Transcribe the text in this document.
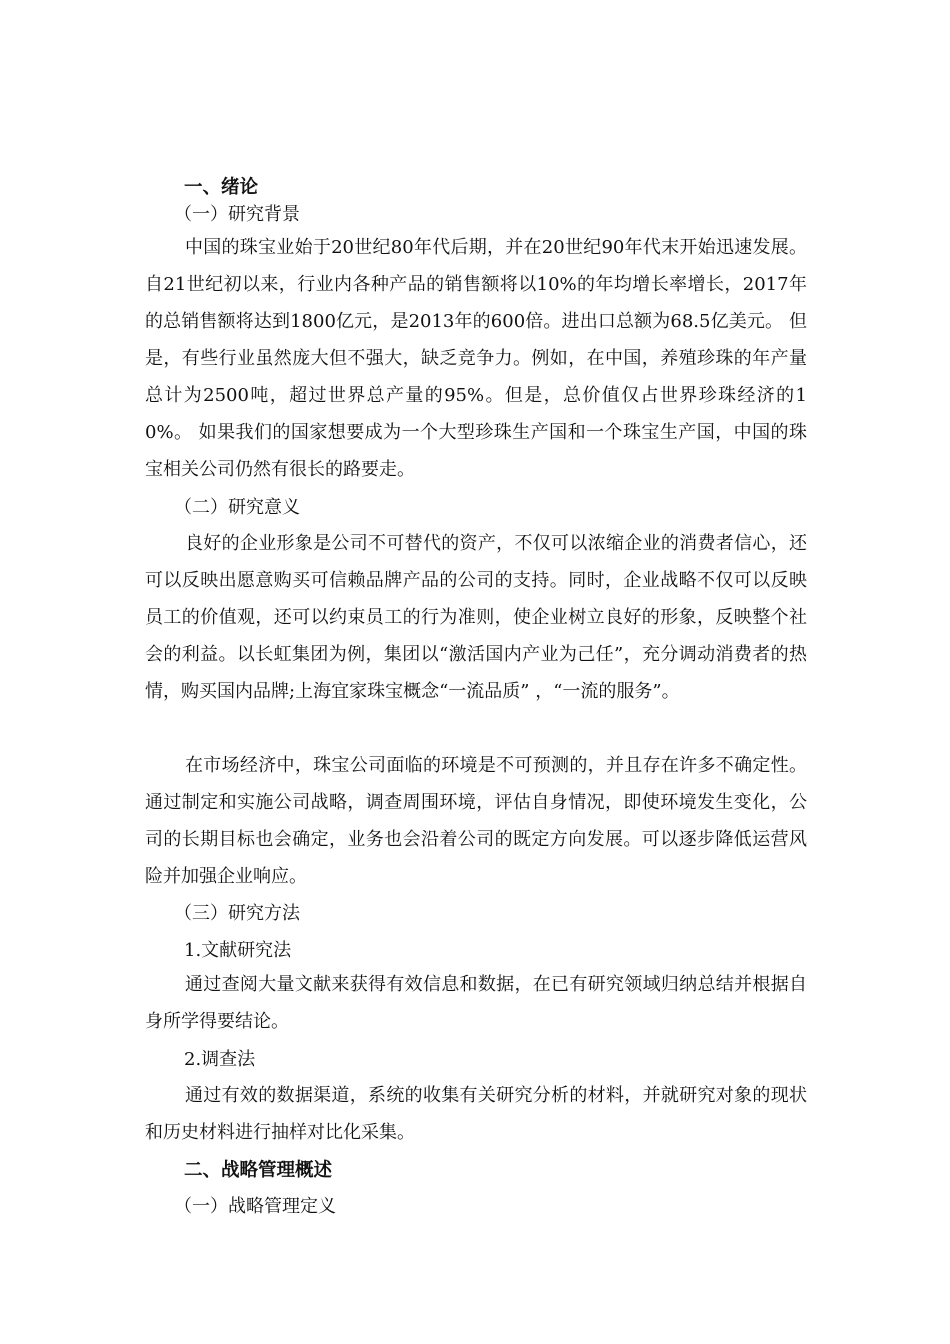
一、绪论
（一）研究背景

中国的珠宝业始于20世纪80年代后期，并在20世纪90年代末开始迅速发展。自21世纪初以来，行业内各种产品的销售额将以10%的年均增长率增长，2017年的总销售额将达到1800亿元，是2013年的600倍。进出口总额为68.5亿美元。 但是，有些行业虽然庞大但不强大，缺乏竞争力。例如，在中国，养殖珍珠的年产量总计为2500吨，超过世界总产量的95%。但是，总价值仅占世界珍珠经济的10%。 如果我们的国家想要成为一个大型珍珠生产国和一个珠宝生产国，中国的珠宝相关公司仍然有很长的路要走。

（二）研究意义

良好的企业形象是公司不可替代的资产，不仅可以浓缩企业的消费者信心，还可以反映出愿意购买可信赖品牌产品的公司的支持。同时，企业战略不仅可以反映员工的价值观，还可以约束员工的行为准则，使企业树立良好的形象，反映整个社会的利益。以长虹集团为例，集团以“激活国内产业为己任”，充分调动消费者的热情，购买国内品牌;上海宜家珠宝概念“一流品质” ，“一流的服务”。

在市场经济中，珠宝公司面临的环境是不可预测的，并且存在许多不确定性。通过制定和实施公司战略，调查周围环境，评估自身情况，即使环境发生变化，公司的长期目标也会确定，业务也会沿着公司的既定方向发展。可以逐步降低运营风险并加强企业响应。

（三）研究方法
1.文献研究法

通过查阅大量文献来获得有效信息和数据，在已有研究领域归纳总结并根据自身所学得要结论。

2.调查法

通过有效的数据渠道，系统的收集有关研究分析的材料，并就研究对象的现状和历史材料进行抽样对比化采集。

二、战略管理概述
（一）战略管理定义
